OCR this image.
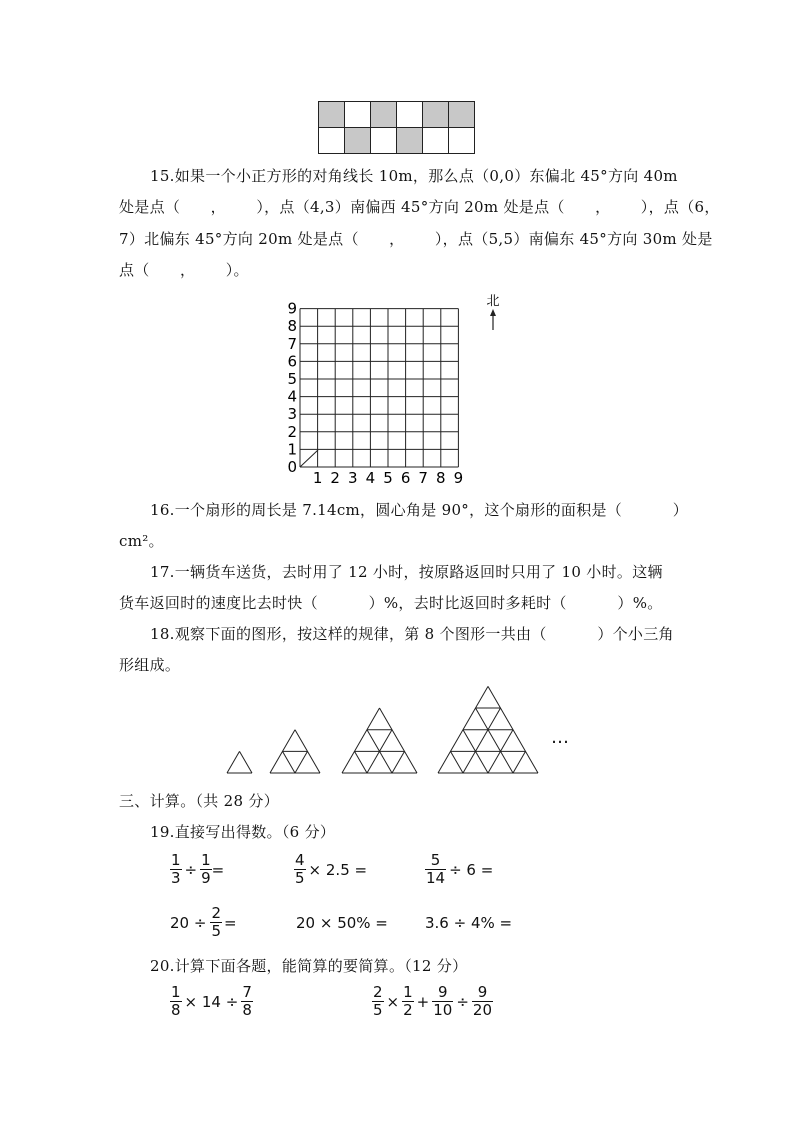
15.如果一个小正方形的对角线长 10m，那么点（0,0）东偏北 45°方向 40m
处是点（      ，      ），点（4,3）南偏西 45°方向 20m 处是点（      ，      ），点（6，
7）北偏东 45°方向 20m 处是点（      ，      ），点（5,5）南偏东 45°方向 30m 处是
点（      ，      ）。
9
8
7
6
5
4
3
2
1
0
1 2 3 4 5 6 7 8 9
北
16.一个扇形的周长是 7.14cm，圆心角是 90°，这个扇形的面积是（          ）
cm²。
17.一辆货车送货，去时用了 12 小时，按原路返回时只用了 10 小时。这辆
货车返回时的速度比去时快（          ）%，去时比返回时多耗时（          ）%。
18.观察下面的图形，按这样的规律，第 8 个图形一共由（          ）个小三角
形组成。
…
三、计算。（共 28 分）
19.直接写出得数。（6 分）
$\frac{1}{3} \div \frac{1}{9}$ =	$\frac{4}{5} \times 2.5$ =	$\frac{5}{14} \div 6$ =
$20 \div \frac{2}{5}$ =	20 × 50% = 3.6 ÷ 4% =
20.计算下面各题，能简算的要简算。（12 分）
$\frac{1}{8} \times 14 \div \frac{7}{8}$	$\frac{2}{5} \times \frac{1}{2} + \frac{9}{10} \div \frac{9}{20}$
